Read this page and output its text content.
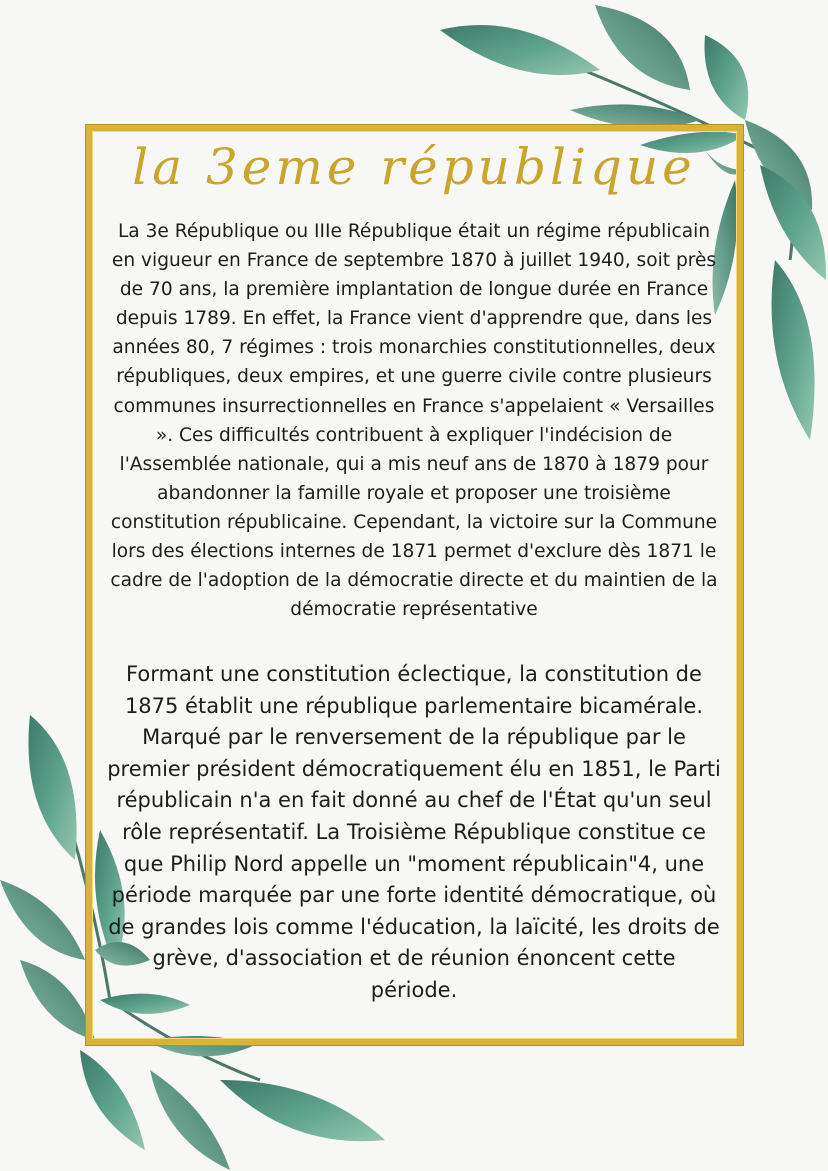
la 3eme république
La 3e République ou IIIe République était un régime républicain en vigueur en France de septembre 1870 à juillet 1940, soit près de 70 ans, la première implantation de longue durée en France depuis 1789. En effet, la France vient d'apprendre que, dans les années 80, 7 régimes : trois monarchies constitutionnelles, deux républiques, deux empires, et une guerre civile contre plusieurs communes insurrectionnelles en France s'appelaient « Versailles ». Ces difficultés contribuent à expliquer l'indécision de l'Assemblée nationale, qui a mis neuf ans de 1870 à 1879 pour abandonner la famille royale et proposer une troisième constitution républicaine. Cependant, la victoire sur la Commune lors des élections internes de 1871 permet d'exclure dès 1871 le cadre de l'adoption de la démocratie directe et du maintien de la démocratie représentative
Formant une constitution éclectique, la constitution de 1875 établit une république parlementaire bicamérale. Marqué par le renversement de la république par le premier président démocratiquement élu en 1851, le Parti républicain n'a en fait donné au chef de l'État qu'un seul rôle représentatif. La Troisième République constitue ce que Philip Nord appelle un "moment républicain"4, une période marquée par une forte identité démocratique, où de grandes lois comme l'éducation, la laïcité, les droits de grève, d'association et de réunion énoncent cette période.
